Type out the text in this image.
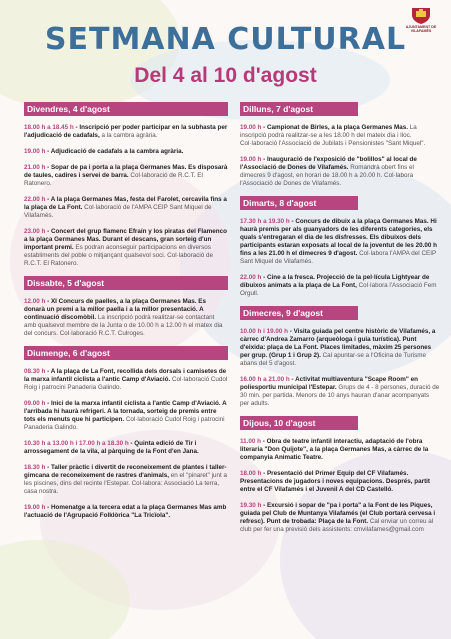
AJUNTAMENT DE VILAFAMÉS
SETMANA CULTURAL
Del 4 al 10 d'agost
Divendres, 4 d'agost
18.00 h a 18.45 h - Inscripció per poder participar en la subhasta per l'adjudicació de cadafals, a la cambra agrària.
19.00 h - Adjudicació de cadafals a la cambra agrària.
21.00 h - Sopar de pa i porta a la plaça Germanes Mas. Es disposarà de taules, cadires i servei de barra. Col·laboració de R.C.T. El Ratonero.
22.00 h - A la plaça Germanes Mas, festa del Farolet, cercavila fins a la plaça de La Font. Col·laboració de l'AMPA CEIP Sant Miquel de Vilafamés.
23.00 h - Concert del grup flamenc Efraín y los piratas del Flamenco a la plaça Germanes Mas. Durant el descans, gran sorteig d'un important premi. Es podran aconseguir participacions en diversos establiments del poble o mitjançant qualsevol soci. Col·laboració de R.C.T. El Ratonero.
Dissabte, 5 d'agost
12.00 h - XI Concurs de paelles, a la plaça Germanes Mas. Es donarà un premi a la millor paella i a la millor presentació. A continuació discomòbil. La inscripció podrà realitzar-se contactant amb qualsevol membre de la Junta o de 10.00 h a 12.00 h el matex dia del concurs. Col·laboració R.C.T. Culroges.
Diumenge, 6 d'agost
08.30 h - A la plaça de La Font, recollida dels dorsals i camisetes de la marxa infantil ciclista a l'antic Camp d'Aviació. Col·laboració Cudol Roig i patrocini Panaderia Galindo.
09.00 h - Inici de la marxa infantil ciclista a l'antic Camp d'Aviació. A l'arribada hi haurà refrigeri. A la tornada, sorteig de premis entre tots els menuts que hi participen. Col·laboració Cudol Roig i patrocini Panaderia Galindo.
10.30 h a 13.00 h i 17.00 h a 18.30 h - Quinta edició de Tir i arrossegament de la vila, al pàrquing de la Font d'en Jana.
18.30 h - Taller pràctic i divertit de reconeixement de plantes i taller-gimcana de reconeixement de rastres d'animals, en el "pinaret" junt a les piscines, dins del recinte l'Estepar. Col·labora: Associació La terra, casa nostra.
19.00 h - Homenatge a la tercera edat a la plaça Germanes Mas amb l'actuació de l'Agrupació Folklòrica "La Tricïola".
Dilluns, 7 d'agost
19.00 h - Campionat de Birles, a la plaça Germanes Mas. La inscripció podrà realitzar-se a les 18.00 h del mateix dia i lloc. Col·laboració l'Associació de Jubilats i Pensionistes "Sant Miquel".
19.00 h - Inauguració de l'exposició de "bolillos" al local de l'Associació de Dones de Vilafamés. Romandrà obert fins el dimecres 9 d'agost, en horari de 18.00 h a 20.00 h. Col·labora l'Associació de Dones de Vilafamés.
Dimarts, 8 d'agost
17.30 h a 19.30 h - Concurs de dibuix a la plaça Germanes Mas. Hi haurà premis per als guanyadors de les diferents categories, els quals s'entregaran el dia de les disfresses. Els dibuixos dels participants estaran exposats al local de la joventut de les 20.00 h fins a les 21.00 h el dimecres 9 d'agost. Col·labora l'AMPA del CEIP Sant Miquel de Vilafamés.
22.00 h - Cine a la fresca. Projecció de la pel·lícula Lightyear de dibuixos animats a la plaça de La Font, Col·labora l'Associació Fem Orgull.
Dimecres, 9 d'agost
10.00 h i 19.00 h - Visita guiada pel centre històric de Vilafamés, a càrrec d'Andrea Zamarro (arqueòloga i guia turística). Punt d'eixida: plaça de La Font. Places limitades, màxim 25 persones per grup. (Grup 1 i Grup 2). Cal apuntar-se a l'Oficina de Turisme abans del 5 d'agost.
16.00 h a 21.00 h - Activitat multiaventura "Scape Room" en poliesportiu municipal l'Estepar. Grups de 4 - 8 persones, duració de 30 min. per partida. Menors de 10 anys hauran d'anar acompanyats per adults.
Dijous, 10 d'agost
11.00 h - Obra de teatre infantil interactiu, adaptació de l'obra literaria "Don Quijote", a la plaça Germanes Mas, a càrrec de la companyia Animatic Teatre.
18.00 h - Presentació del Primer Equip del CF Vilafamés. Presentacions de jugadors i noves equipacions. Després, partit entre el CF Vilafamés i el Juvenil A del CD Castelló.
19.30 h - Excursió i sopar de "pa i porta" a la Font de les Piques, guiada pel Club de Muntanya Vilafamés (el Club portarà cervesa i refresc). Punt de trobada: Plaça de la Font. Cal enviar un correu al club per fer una previsió dels assistents: cmvilafames@gmail.com
